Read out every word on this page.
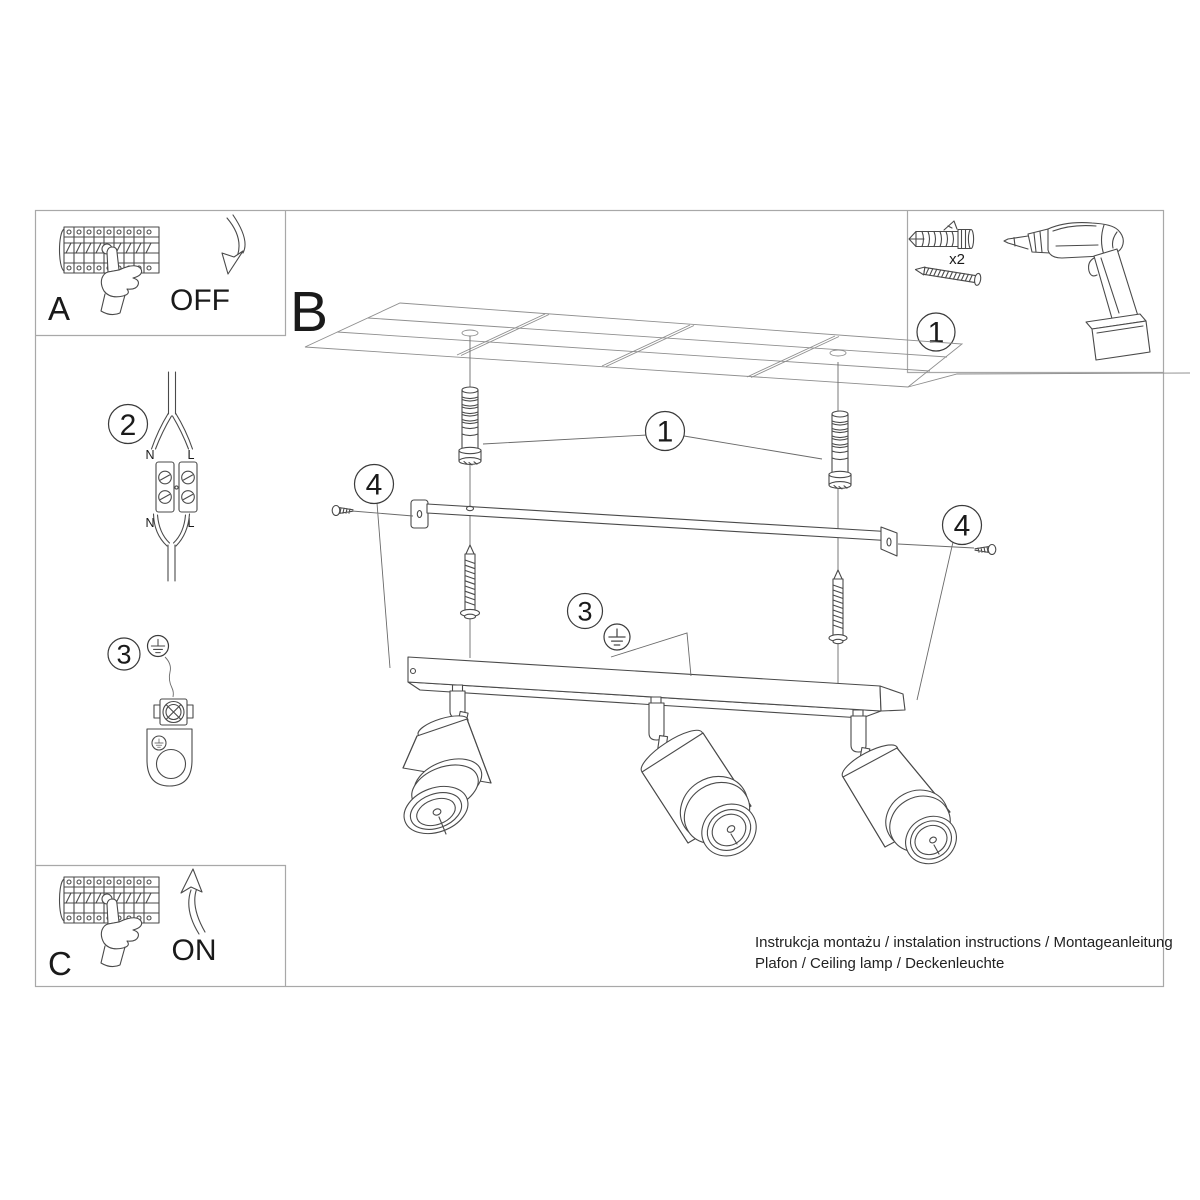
A	OFF
C	ON
x2
1
2
N	L
N	L
3
B
1
4
4
3
Instrukcja montażu / instalation instructions / Montageanleitung
Plafon / Ceiling lamp / Deckenleuchte
